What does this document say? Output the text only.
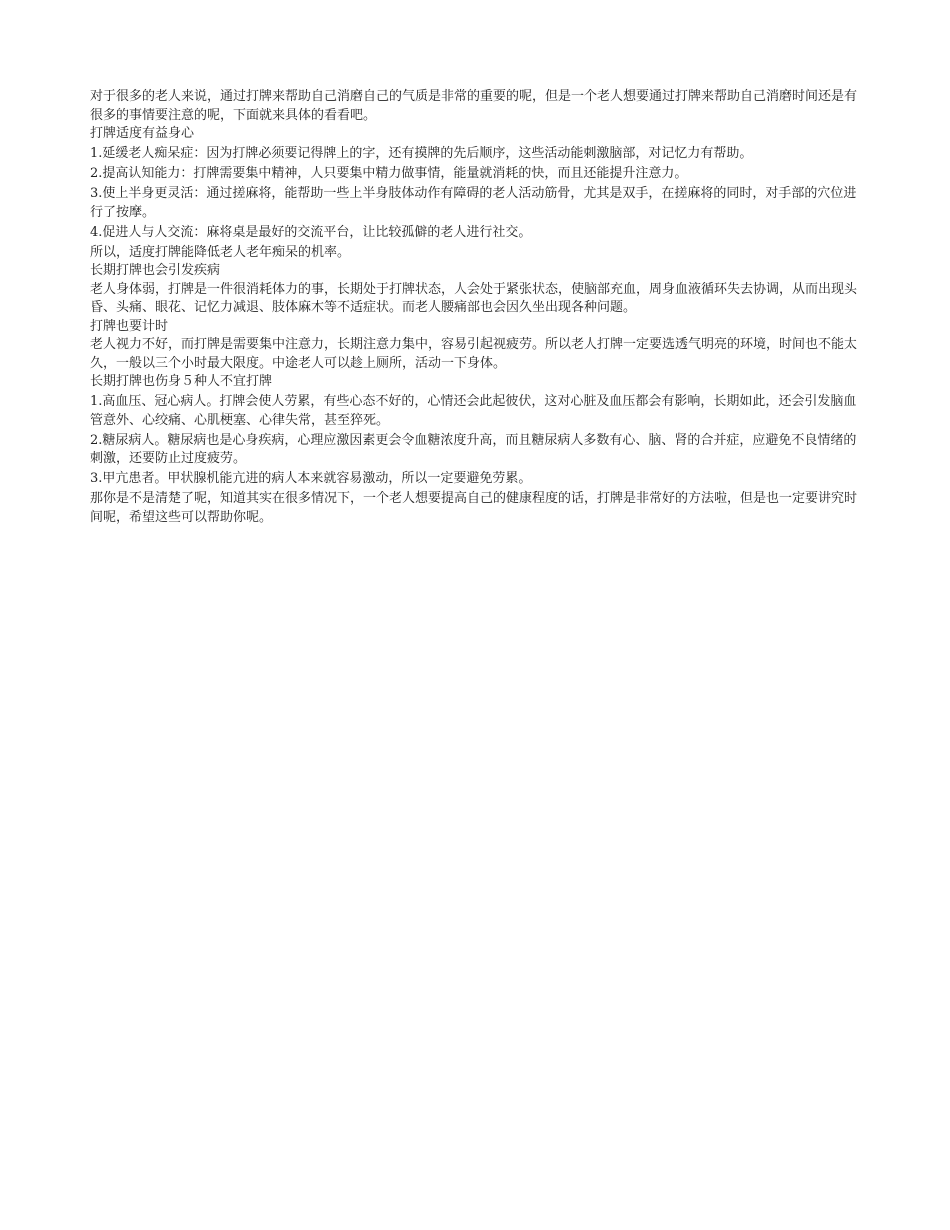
对于很多的老人来说，通过打牌来帮助自己消磨自己的气质是非常的重要的呢，但是一个老人想要通过打牌来帮助自己消磨时间还是有很多的事情要注意的呢，下面就来具体的看看吧。

打牌适度有益身心

1.延缓老人痴呆症：因为打牌必须要记得牌上的字，还有摸牌的先后顺序，这些活动能刺激脑部，对记忆力有帮助。

2.提高认知能力：打牌需要集中精神，人只要集中精力做事情，能量就消耗的快，而且还能提升注意力。

3.使上半身更灵活：通过搓麻将，能帮助一些上半身肢体动作有障碍的老人活动筋骨，尤其是双手，在搓麻将的同时，对手部的穴位进行了按摩。

4.促进人与人交流：麻将桌是最好的交流平台，让比较孤僻的老人进行社交。

所以，适度打牌能降低老人老年痴呆的机率。

长期打牌也会引发疾病

老人身体弱，打牌是一件很消耗体力的事，长期处于打牌状态，人会处于紧张状态，使脑部充血，周身血液循环失去协调，从而出现头昏、头痛、眼花、记忆力减退、肢体麻木等不适症状。而老人腰痛部也会因久坐出现各种问题。

打牌也要计时

老人视力不好，而打牌是需要集中注意力，长期注意力集中，容易引起视疲劳。所以老人打牌一定要选透气明亮的环境，时间也不能太久，一般以三个小时最大限度。中途老人可以趁上厕所，活动一下身体。

长期打牌也伤身５种人不宜打牌

1.高血压、冠心病人。打牌会使人劳累，有些心态不好的，心情还会此起彼伏，这对心脏及血压都会有影响，长期如此，还会引发脑血管意外、心绞痛、心肌梗塞、心律失常，甚至猝死。

2.糖尿病人。糖尿病也是心身疾病，心理应激因素更会令血糖浓度升高，而且糖尿病人多数有心、脑、肾的合并症，应避免不良情绪的刺激，还要防止过度疲劳。

3.甲亢患者。甲状腺机能亢进的病人本来就容易激动，所以一定要避免劳累。

那你是不是清楚了呢，知道其实在很多情况下，一个老人想要提高自己的健康程度的话，打牌是非常好的方法啦，但是也一定要讲究时间呢，希望这些可以帮助你呢。
